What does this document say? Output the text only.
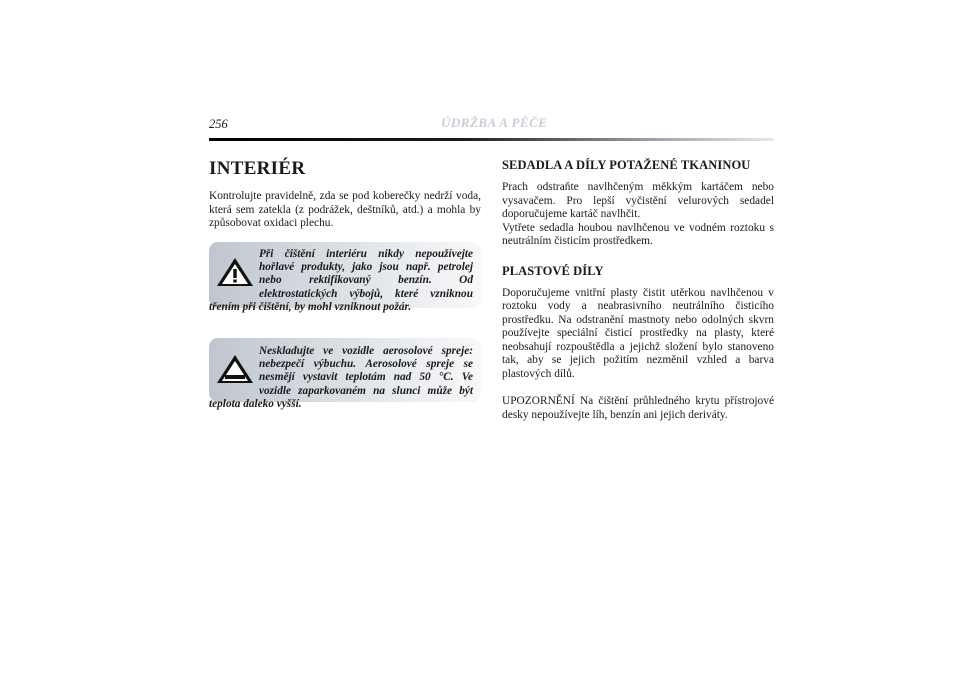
256	ÚDRŽBA A PÉČE
INTERIÉR

Kontrolujte pravidelně, zda se pod koberečky nedrží voda, která sem zatekla (z podrážek, deštníků, atd.) a mohla by způsobovat oxidaci plechu.

Při čištění interiéru nikdy nepoužívejte hořlavé produkty, jako jsou např. petrolej nebo rektifikovaný benzín. Od elektrostatických výbojů, které vzniknou třením při čištění, by mohl vzniknout požár.

Neskladujte ve vozidle aerosolové spreje: nebezpečí výbuchu. Aerosolové spreje se nesmějí vystavit teplotám nad 50 °C. Ve vozidle zaparkovaném na slunci může být teplota daleko vyšší.

SEDADLA A DÍLY POTAŽENÉ TKANINOU

Prach odstraňte navlhčeným měkkým kartáčem nebo vysavačem. Pro lepší vyčistění velurových sedadel doporučujeme kartáč navlhčit.

Vytřete sedadla houbou navlhčenou ve vodném roztoku s neutrálním čisticím prostředkem.

PLASTOVÉ DÍLY

Doporučujeme vnitřní plasty čistit utěrkou navlhčenou v roztoku vody a neabrasivního neutrálního čisticího prostředku. Na odstranění mastnoty nebo odolných skvrn používejte speciální čisticí prostředky na plasty, které neobsahují rozpouštědla a jejichž složení bylo stanoveno tak, aby se jejich požitím nezměnil vzhled a barva plastových dílů.

UPOZORNĚNÍ Na čištění průhledného krytu přístrojové desky nepoužívejte líh, benzín ani jejich deriváty.
